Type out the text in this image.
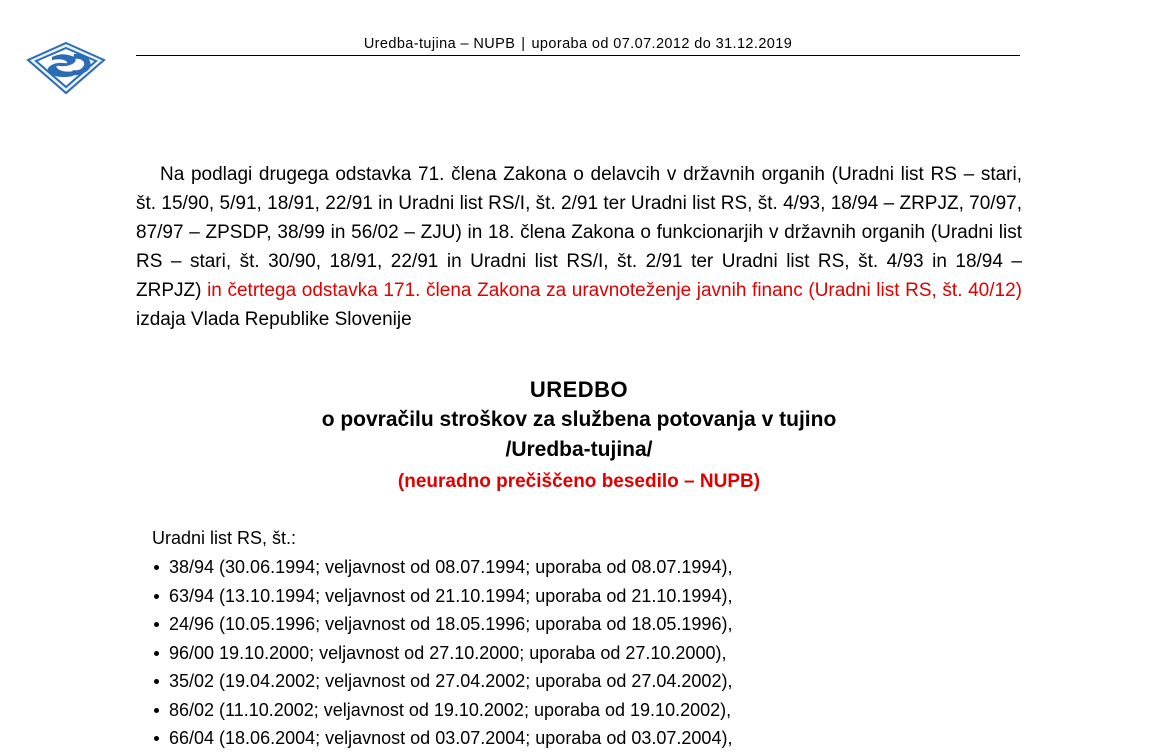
Uredba-tujina – NUPB | uporaba od 07.07.2012 do 31.12.2019

Na podlagi drugega odstavka 71. člena Zakona o delavcih v državnih organih (Uradni list RS – stari, št. 15/90, 5/91, 18/91, 22/91 in Uradni list RS/I, št. 2/91 ter Uradni list RS, št. 4/93, 18/94 – ZRPJZ, 70/97, 87/97 – ZPSDP, 38/99 in 56/02 – ZJU) in 18. člena Zakona o funkcionarjih v državnih organih (Uradni list RS – stari, št. 30/90, 18/91, 22/91 in Uradni list RS/I, št. 2/91 ter Uradni list RS, št. 4/93 in 18/94 – ZRPJZ) in četrtega odstavka 171. člena Zakona za uravnoteženje javnih financ (Uradni list RS, št. 40/12) izdaja Vlada Republike Slovenije

UREDBO
o povračilu stroškov za službena potovanja v tujino
/Uredba-tujina/
(neuradno prečiščeno besedilo – NUPB)
Uradni list RS, št.:
38/94 (30.06.1994; veljavnost od 08.07.1994; uporaba od 08.07.1994),
63/94 (13.10.1994; veljavnost od 21.10.1994; uporaba od 21.10.1994),
24/96 (10.05.1996; veljavnost od 18.05.1996; uporaba od 18.05.1996),
96/00 19.10.2000; veljavnost od 27.10.2000; uporaba od 27.10.2000),
35/02 (19.04.2002; veljavnost od 27.04.2002; uporaba od 27.04.2002),
86/02 (11.10.2002; veljavnost od 19.10.2002; uporaba od 19.10.2002),
66/04 (18.06.2004; veljavnost od 03.07.2004; uporaba od 03.07.2004),
